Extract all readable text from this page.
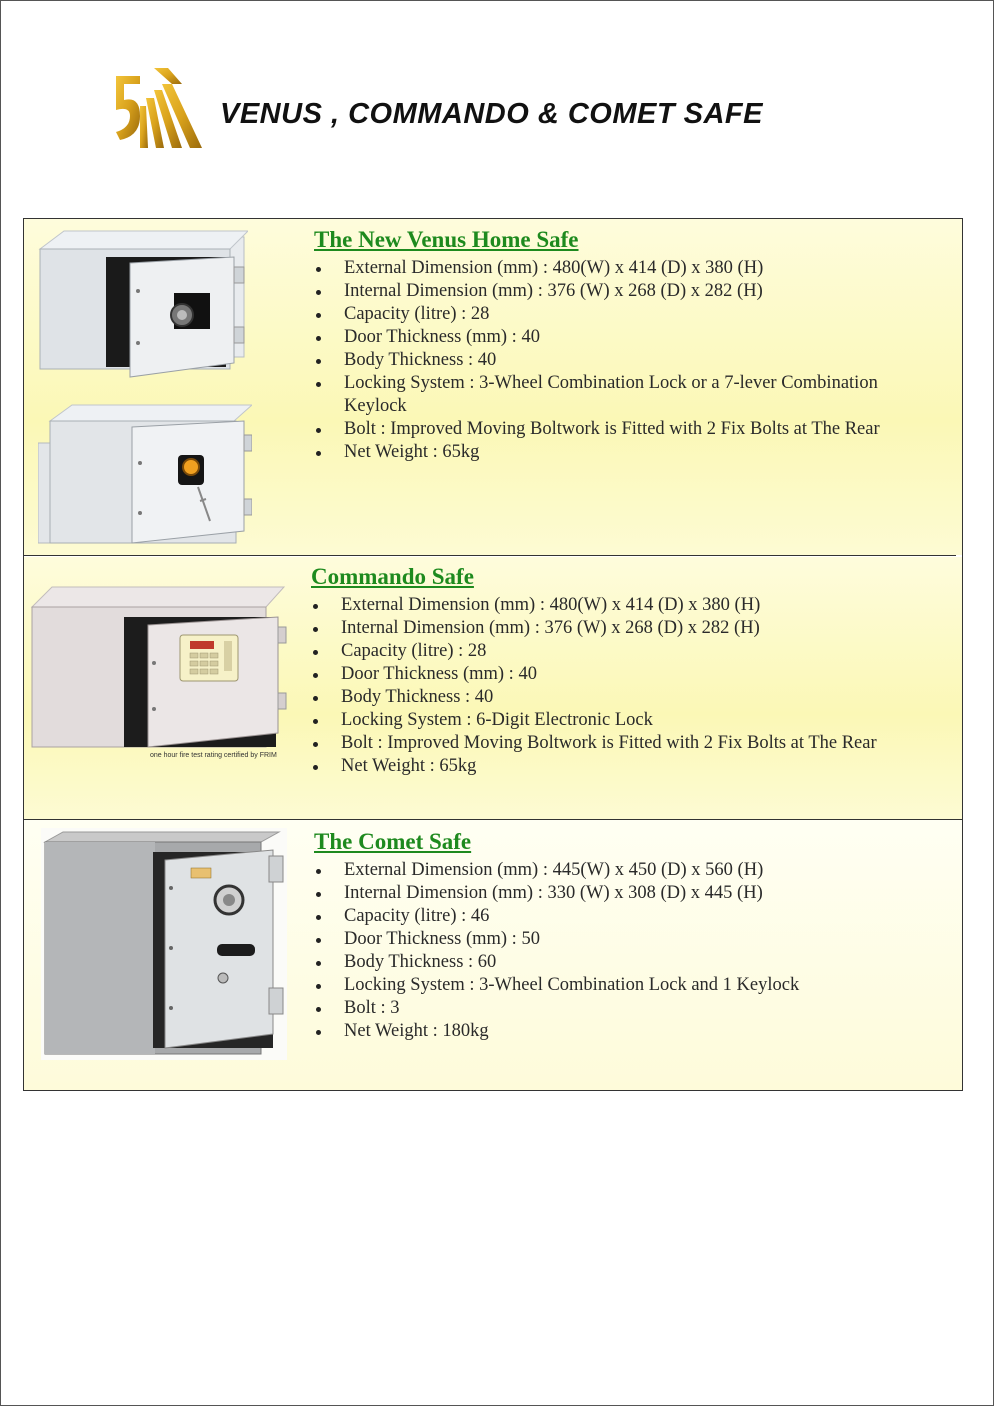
VENUS , COMMANDO & COMET SAFE
The New Venus Home Safe
External Dimension (mm) : 480(W) x 414 (D) x 380 (H)
Internal Dimension (mm) : 376 (W) x 268 (D) x 282 (H)
Capacity (litre) : 28
Door Thickness (mm) : 40
Body Thickness : 40
Locking System : 3-Wheel Combination Lock or a 7-lever Combination Keylock
Bolt : Improved Moving Boltwork is Fitted with 2 Fix Bolts at The Rear
Net Weight : 65kg
one hour fire test rating certified by FRIM
Commando Safe
External Dimension (mm) : 480(W) x 414 (D) x 380 (H)
Internal Dimension (mm) : 376 (W) x 268 (D) x 282 (H)
Capacity (litre) : 28
Door Thickness (mm) : 40
Body Thickness : 40
Locking System : 6-Digit Electronic Lock
Bolt : Improved Moving Boltwork is Fitted with 2 Fix Bolts at The Rear
Net Weight : 65kg
The Comet Safe
External Dimension (mm) : 445(W) x 450 (D) x 560 (H)
Internal Dimension (mm) : 330 (W) x 308 (D) x 445 (H)
Capacity (litre) : 46
Door Thickness (mm) : 50
Body Thickness : 60
Locking System : 3-Wheel Combination Lock and 1 Keylock
Bolt : 3
Net Weight : 180kg
